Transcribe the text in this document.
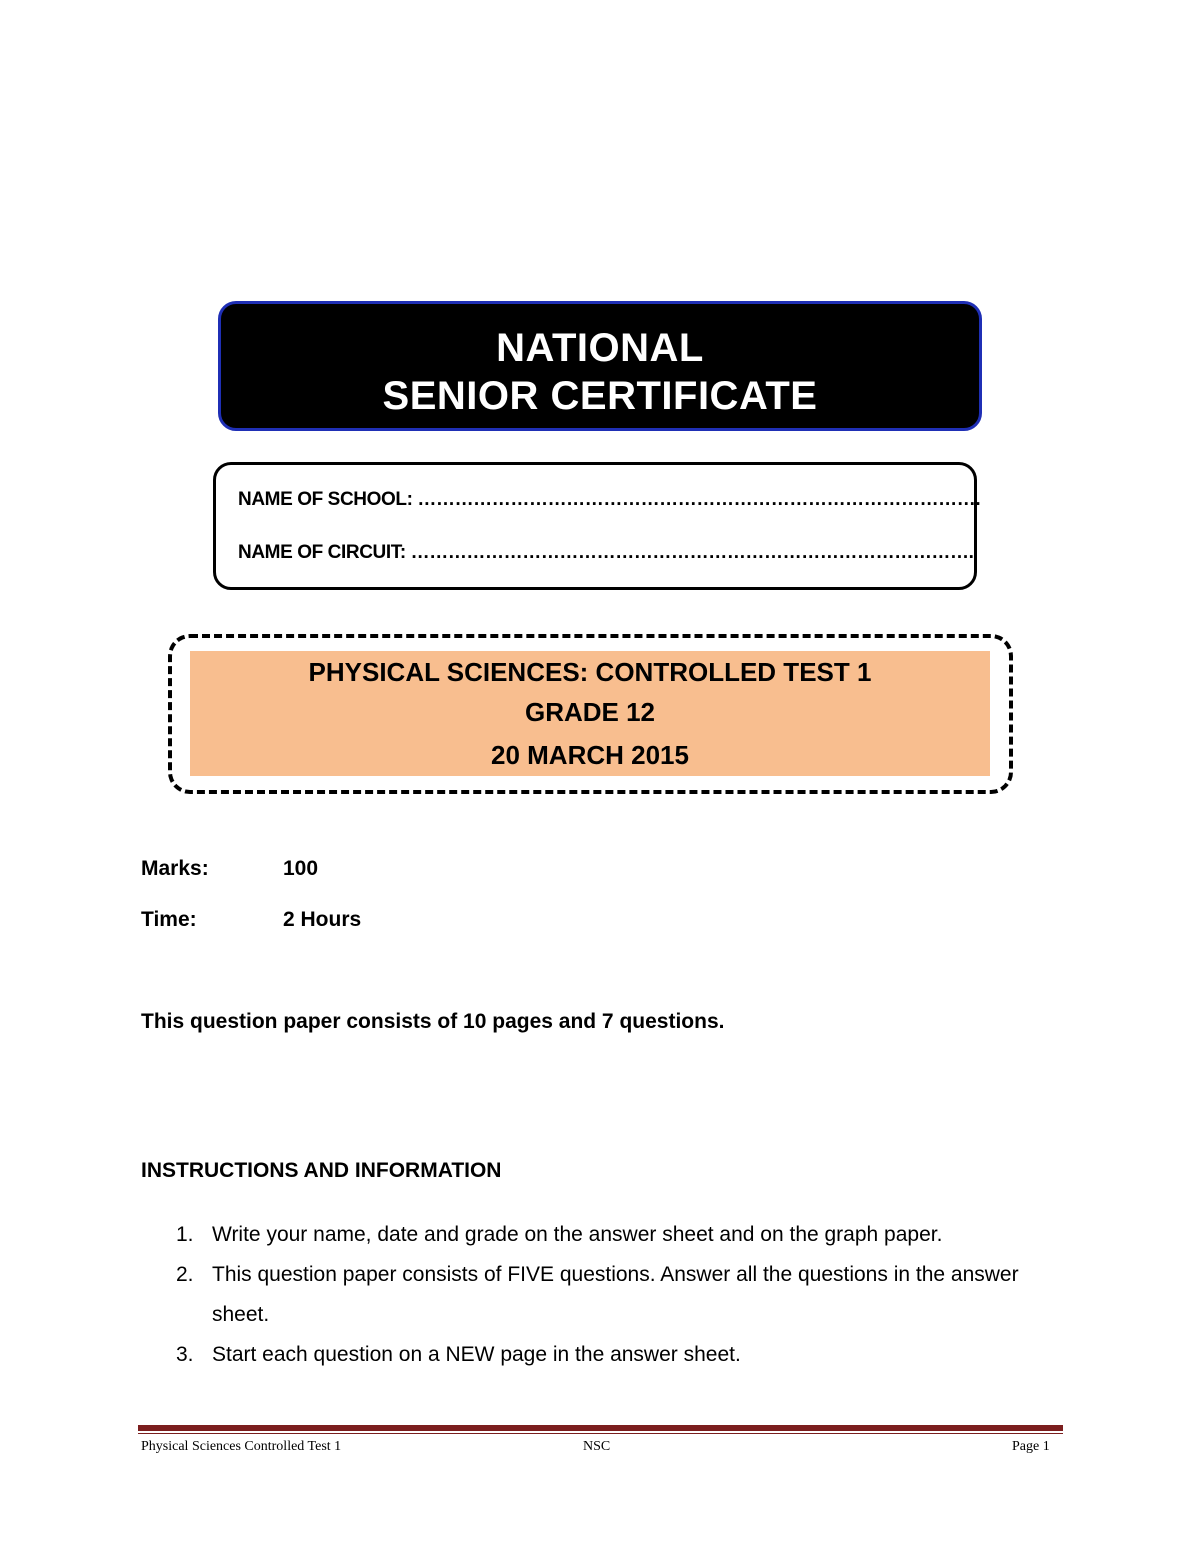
NATIONAL
SENIOR CERTIFICATE
NAME OF SCHOOL: ……………………………………………………………………………….
NAME OF CIRCUIT: ……………………………………………………………………………….
PHYSICAL SCIENCES: CONTROLLED TEST 1
GRADE 12
20 MARCH 2015
Marks:	100
Time:	2 Hours
This question paper consists of 10 pages and 7 questions.
INSTRUCTIONS AND INFORMATION
1. Write your name, date and grade on the answer sheet and on the graph paper.
2. This question paper consists of FIVE questions. Answer all the questions in the answer sheet.
3. Start each question on a NEW page in the answer sheet.
Physical Sciences Controlled Test 1	NSC	Page 1
